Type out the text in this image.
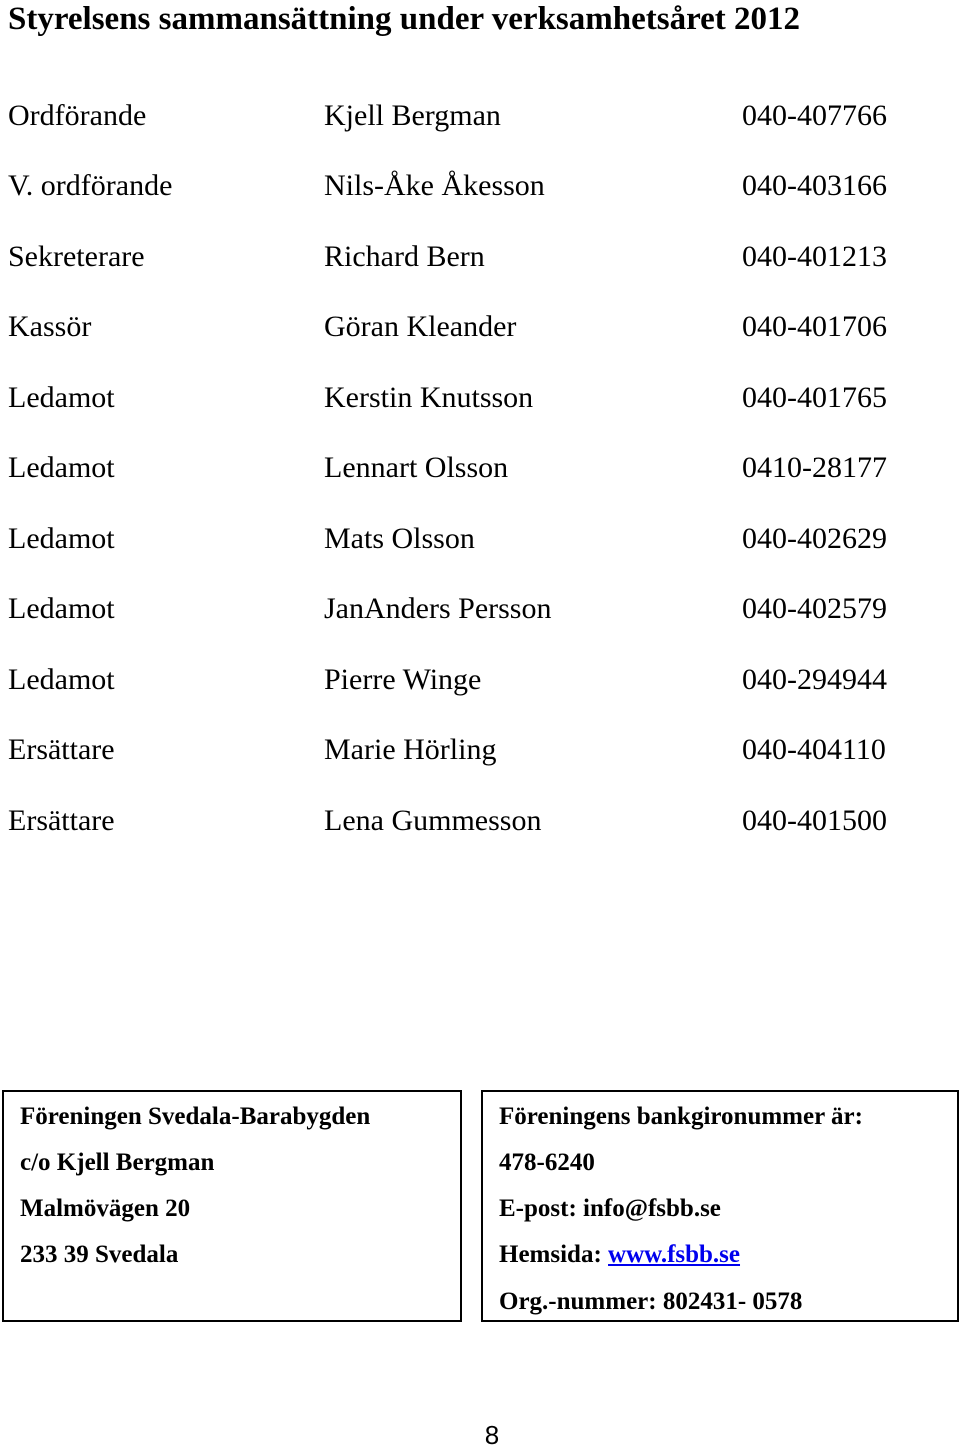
Styrelsens sammansättning under verksamhetsåret 2012
Ordförande	Kjell Bergman	040-407766
V. ordförande	Nils-Åke Åkesson	040-403166
Sekreterare	Richard Bern	040-401213
Kassör	Göran Kleander	040-401706
Ledamot	Kerstin Knutsson	040-401765
Ledamot	Lennart Olsson	0410-28177
Ledamot	Mats Olsson	040-402629
Ledamot	JanAnders Persson	040-402579
Ledamot	Pierre Winge	040-294944
Ersättare	Marie Hörling	040-404110
Ersättare	Lena Gummesson	040-401500
Föreningen Svedala-Barabygden
c/o Kjell Bergman
Malmövägen 20
233 39 Svedala
Föreningens bankgironummer är:
478-6240
E-post: info@fsbb.se
Hemsida: www.fsbb.se
Org.-nummer: 802431- 0578
8
